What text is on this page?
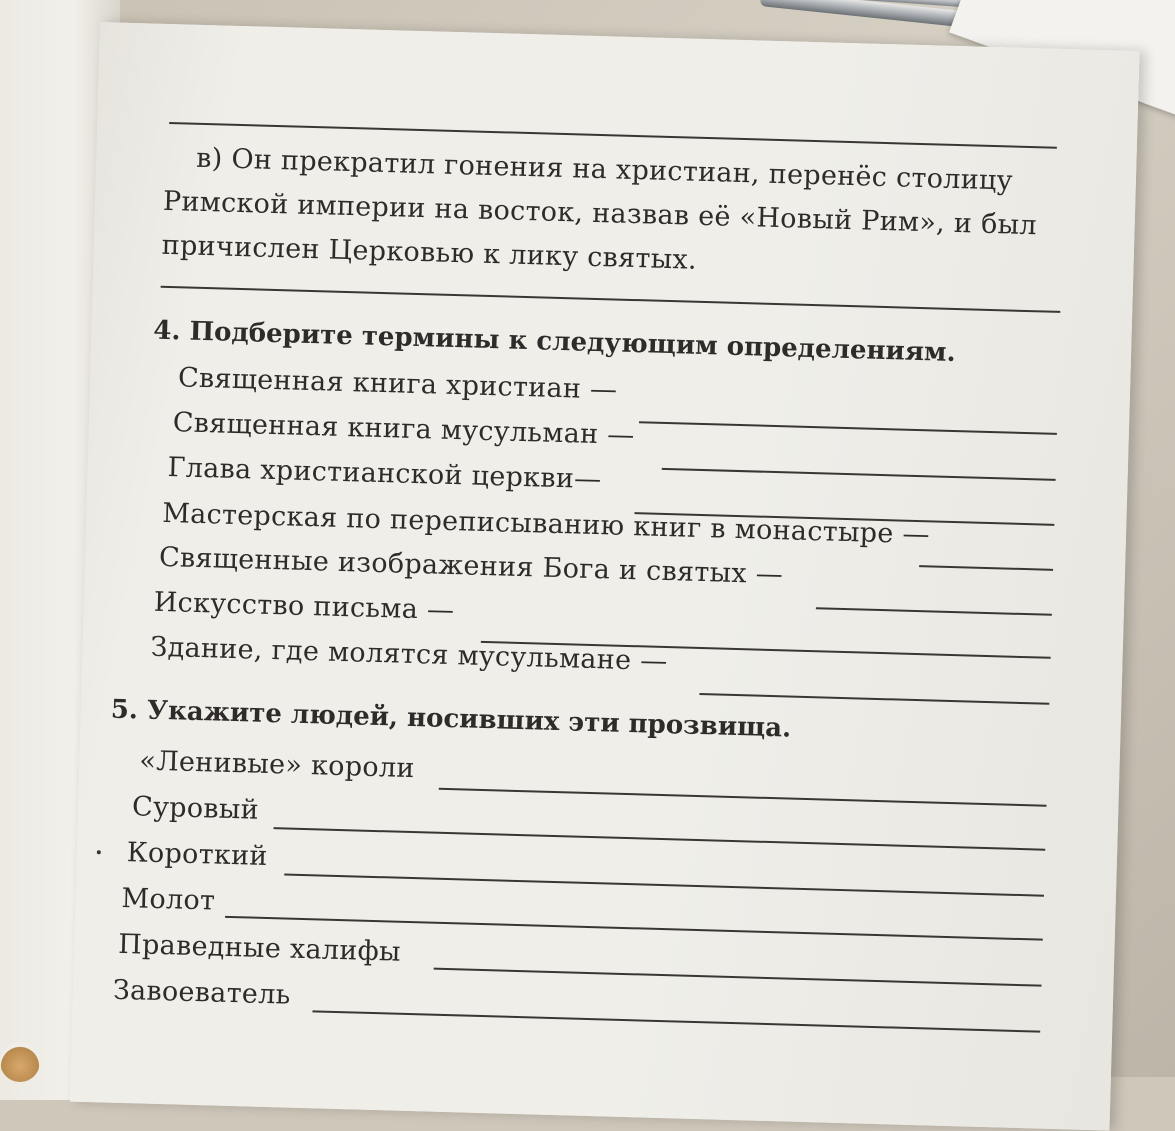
в) Он прекратил гонения на христиан, перенёс столицу
Римской империи на восток, назвав её «Новый Рим», и был
причислен Церковью к лику святых.
4. Подберите термины к следующим определениям.
Священная книга христиан —
Священная книга мусульман —
Глава христианской церкви—
Мастерская по переписыванию книг в монастыре —
Священные изображения Бога и святых —
Искусство письма —
Здание, где молятся мусульмане —
5. Укажите людей, носивших эти прозвища.
«Ленивые» короли
Суровый
Короткий
Молот
Праведные халифы
Завоеватель
